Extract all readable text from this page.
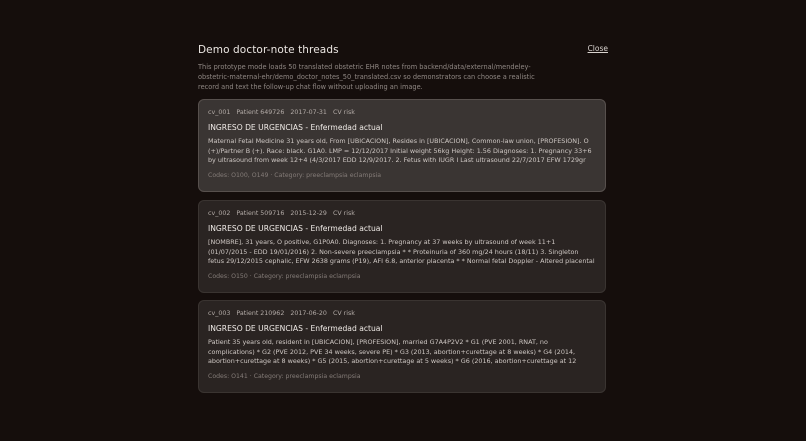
Demo doctor-note threads	Close

This prototype mode loads 50 translated obstetric EHR notes from backend/data/external/mendeley-obstetric-maternal-ehr/demo_doctor_notes_50_translated.csv so demonstrators can choose a realistic record and text the follow-up chat flow without uploading an image.

cv_001 Patient 649726 2017-07-31 CV risk
INGRESO DE URGENCIAS - Enfermedad actual
Maternal Fetal Medicine 31 years old, From [UBICACION], Resides in [UBICACION], Common-law union, [PROFESION]. O (+)/Partner B (+). Race: black. G1A0. LMP = 12/12/2017 Initial weight 56kg Height: 1.56 Diagnoses: 1. Pregnancy 33+6 by ultrasound from week 12+4 (4/3/2017 EDD 12/9/2017. 2. Fetus with IUGR I Last ultrasound 22/7/2017 EFW 1729gr
Codes: O100, O149 · Category: preeclampsia eclampsia
cv_002 Patient 509716 2015-12-29 CV risk
INGRESO DE URGENCIAS - Enfermedad actual
[NOMBRE], 31 years, O positive, G1P0A0. Diagnoses: 1. Pregnancy at 37 weeks by ultrasound of week 11+1 (01/07/2015 - EDD 19/01/2016) 2. Non-severe preeclampsia * * Proteinuria of 360 mg/24 hours (18/11) 3. Singleton fetus 29/12/2015 cephalic, EFW 2638 grams (P19), AFI 6.8, anterior placenta * * Normal fetal Doppler - Altered placental
Codes: O150 · Category: preeclampsia eclampsia
cv_003 Patient 210962 2017-06-20 CV risk
INGRESO DE URGENCIAS - Enfermedad actual
Patient 35 years old, resident in [UBICACION], [PROFESION], married G7A4P2V2 * G1 (PVE 2001, RNAT, no complications) * G2 (PVE 2012, PVE 34 weeks, severe PE) * G3 (2013, abortion+curettage at 8 weeks) * G4 (2014, abortion+curettage at 8 weeks) * G5 (2015, abortion+curettage at 5 weeks) * G6 (2016, abortion+curettage at 12
Codes: O141 · Category: preeclampsia eclampsia
